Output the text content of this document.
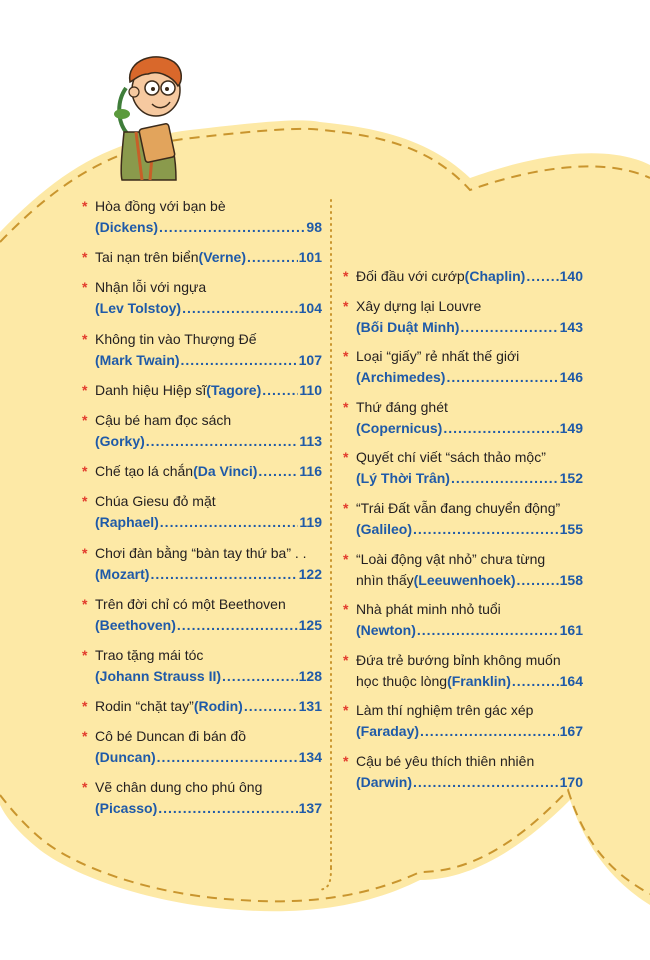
* Hòa đồng với bạn bè
(Dickens) .....	98
* Tai nạn trên biển (Verne) .....	101
* Nhận lỗi với ngựa
(Lev Tolstoy) .....	104
* Không tin vào Thượng Đế
(Mark Twain) .....	107
* Danh hiệu Hiệp sĩ (Tagore) .....	110
* Cậu bé ham đọc sách
(Gorky) .....	113
* Chế tạo lá chắn (Da Vinci) .....	116
* Chúa Giesu đỏ mặt
(Raphael) .....	119
* Chơi đàn bằng “bàn tay thứ ba” . .
(Mozart) .....	122
* Trên đời chỉ có một Beethoven
(Beethoven) .....	125
* Trao tặng mái tóc
(Johann Strauss II) .....	128
* Rodin “chặt tay” (Rodin) .....	131
* Cô bé Duncan đi bán đồ
(Duncan) .....	134
* Vẽ chân dung cho phú ông
(Picasso) .....	137
* Đối đầu với cướp (Chaplin) ..... 140
* Xây dựng lại Louvre
(Bối Duật Minh) .....	143
* Loại “giấy” rẻ nhất thế giới
(Archimedes) .....	146
* Thứ đáng ghét
(Copernicus) .....	149
* Quyết chí viết “sách thảo mộc”
(Lý Thời Trân) .....	152
* “Trái Đất vẫn đang chuyển động”
(Galileo) .....	155
* “Loài động vật nhỏ” chưa từng
nhìn thấy (Leeuwenhoek) .....	158
* Nhà phát minh nhỏ tuổi
(Newton) .....	161
* Đứa trẻ bướng bỉnh không muốn
học thuộc lòng (Franklin) .....	164
* Làm thí nghiệm trên gác xép
(Faraday) .....	167
* Cậu bé yêu thích thiên nhiên
(Darwin) .....	170
